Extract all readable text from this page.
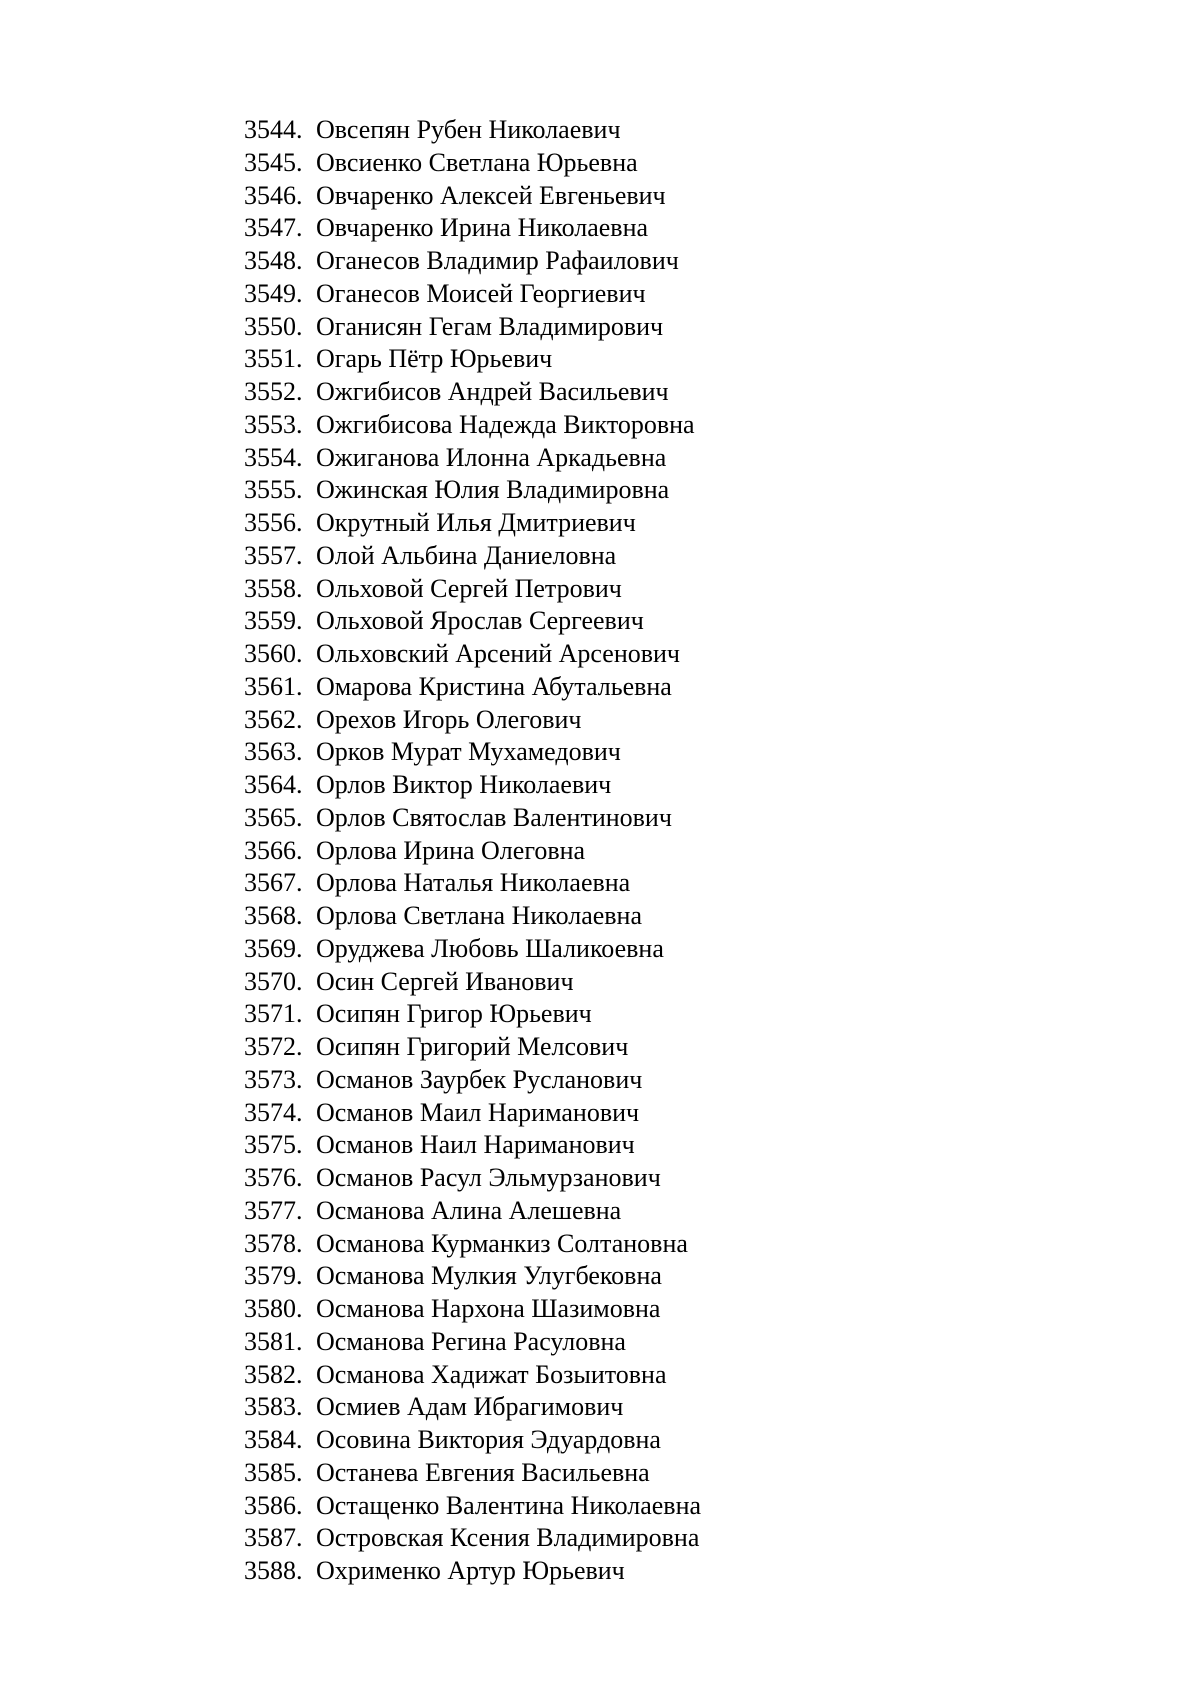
3544. Овсепян Рубен Николаевич
3545. Овсиенко Светлана Юрьевна
3546. Овчаренко Алексей Евгеньевич
3547. Овчаренко Ирина Николаевна
3548. Оганесов Владимир Рафаилович
3549. Оганесов Моисей Георгиевич
3550. Оганисян Гегам Владимирович
3551. Огарь Пётр Юрьевич
3552. Ожгибисов Андрей Васильевич
3553. Ожгибисова Надежда Викторовна
3554. Ожиганова Илонна Аркадьевна
3555. Ожинская Юлия Владимировна
3556. Окрутный Илья Дмитриевич
3557. Олой Альбина Даниеловна
3558. Ольховой Сергей Петрович
3559. Ольховой Ярослав Сергеевич
3560. Ольховский Арсений Арсенович
3561. Омарова Кристина Абутальевна
3562. Орехов Игорь Олегович
3563. Орков Мурат Мухамедович
3564. Орлов Виктор Николаевич
3565. Орлов Святослав Валентинович
3566. Орлова Ирина Олеговна
3567. Орлова Наталья Николаевна
3568. Орлова Светлана Николаевна
3569. Оруджева Любовь Шаликоевна
3570. Осин Сергей Иванович
3571. Осипян Григор Юрьевич
3572. Осипян Григорий Мелсович
3573. Османов Заурбек Русланович
3574. Османов Маил Нариманович
3575. Османов Наил Нариманович
3576. Османов Расул Эльмурзанович
3577. Османова Алина Алешевна
3578. Османова Курманкиз Солтановна
3579. Османова Мулкия Улугбековна
3580. Османова Нархона Шазимовна
3581. Османова Регина Расуловна
3582. Османова Хадижат Бозыитовна
3583. Осмиев Адам Ибрагимович
3584. Осовина Виктория Эдуардовна
3585. Останева Евгения Васильевна
3586. Остащенко Валентина Николаевна
3587. Островская Ксения Владимировна
3588. Охрименко Артур Юрьевич
